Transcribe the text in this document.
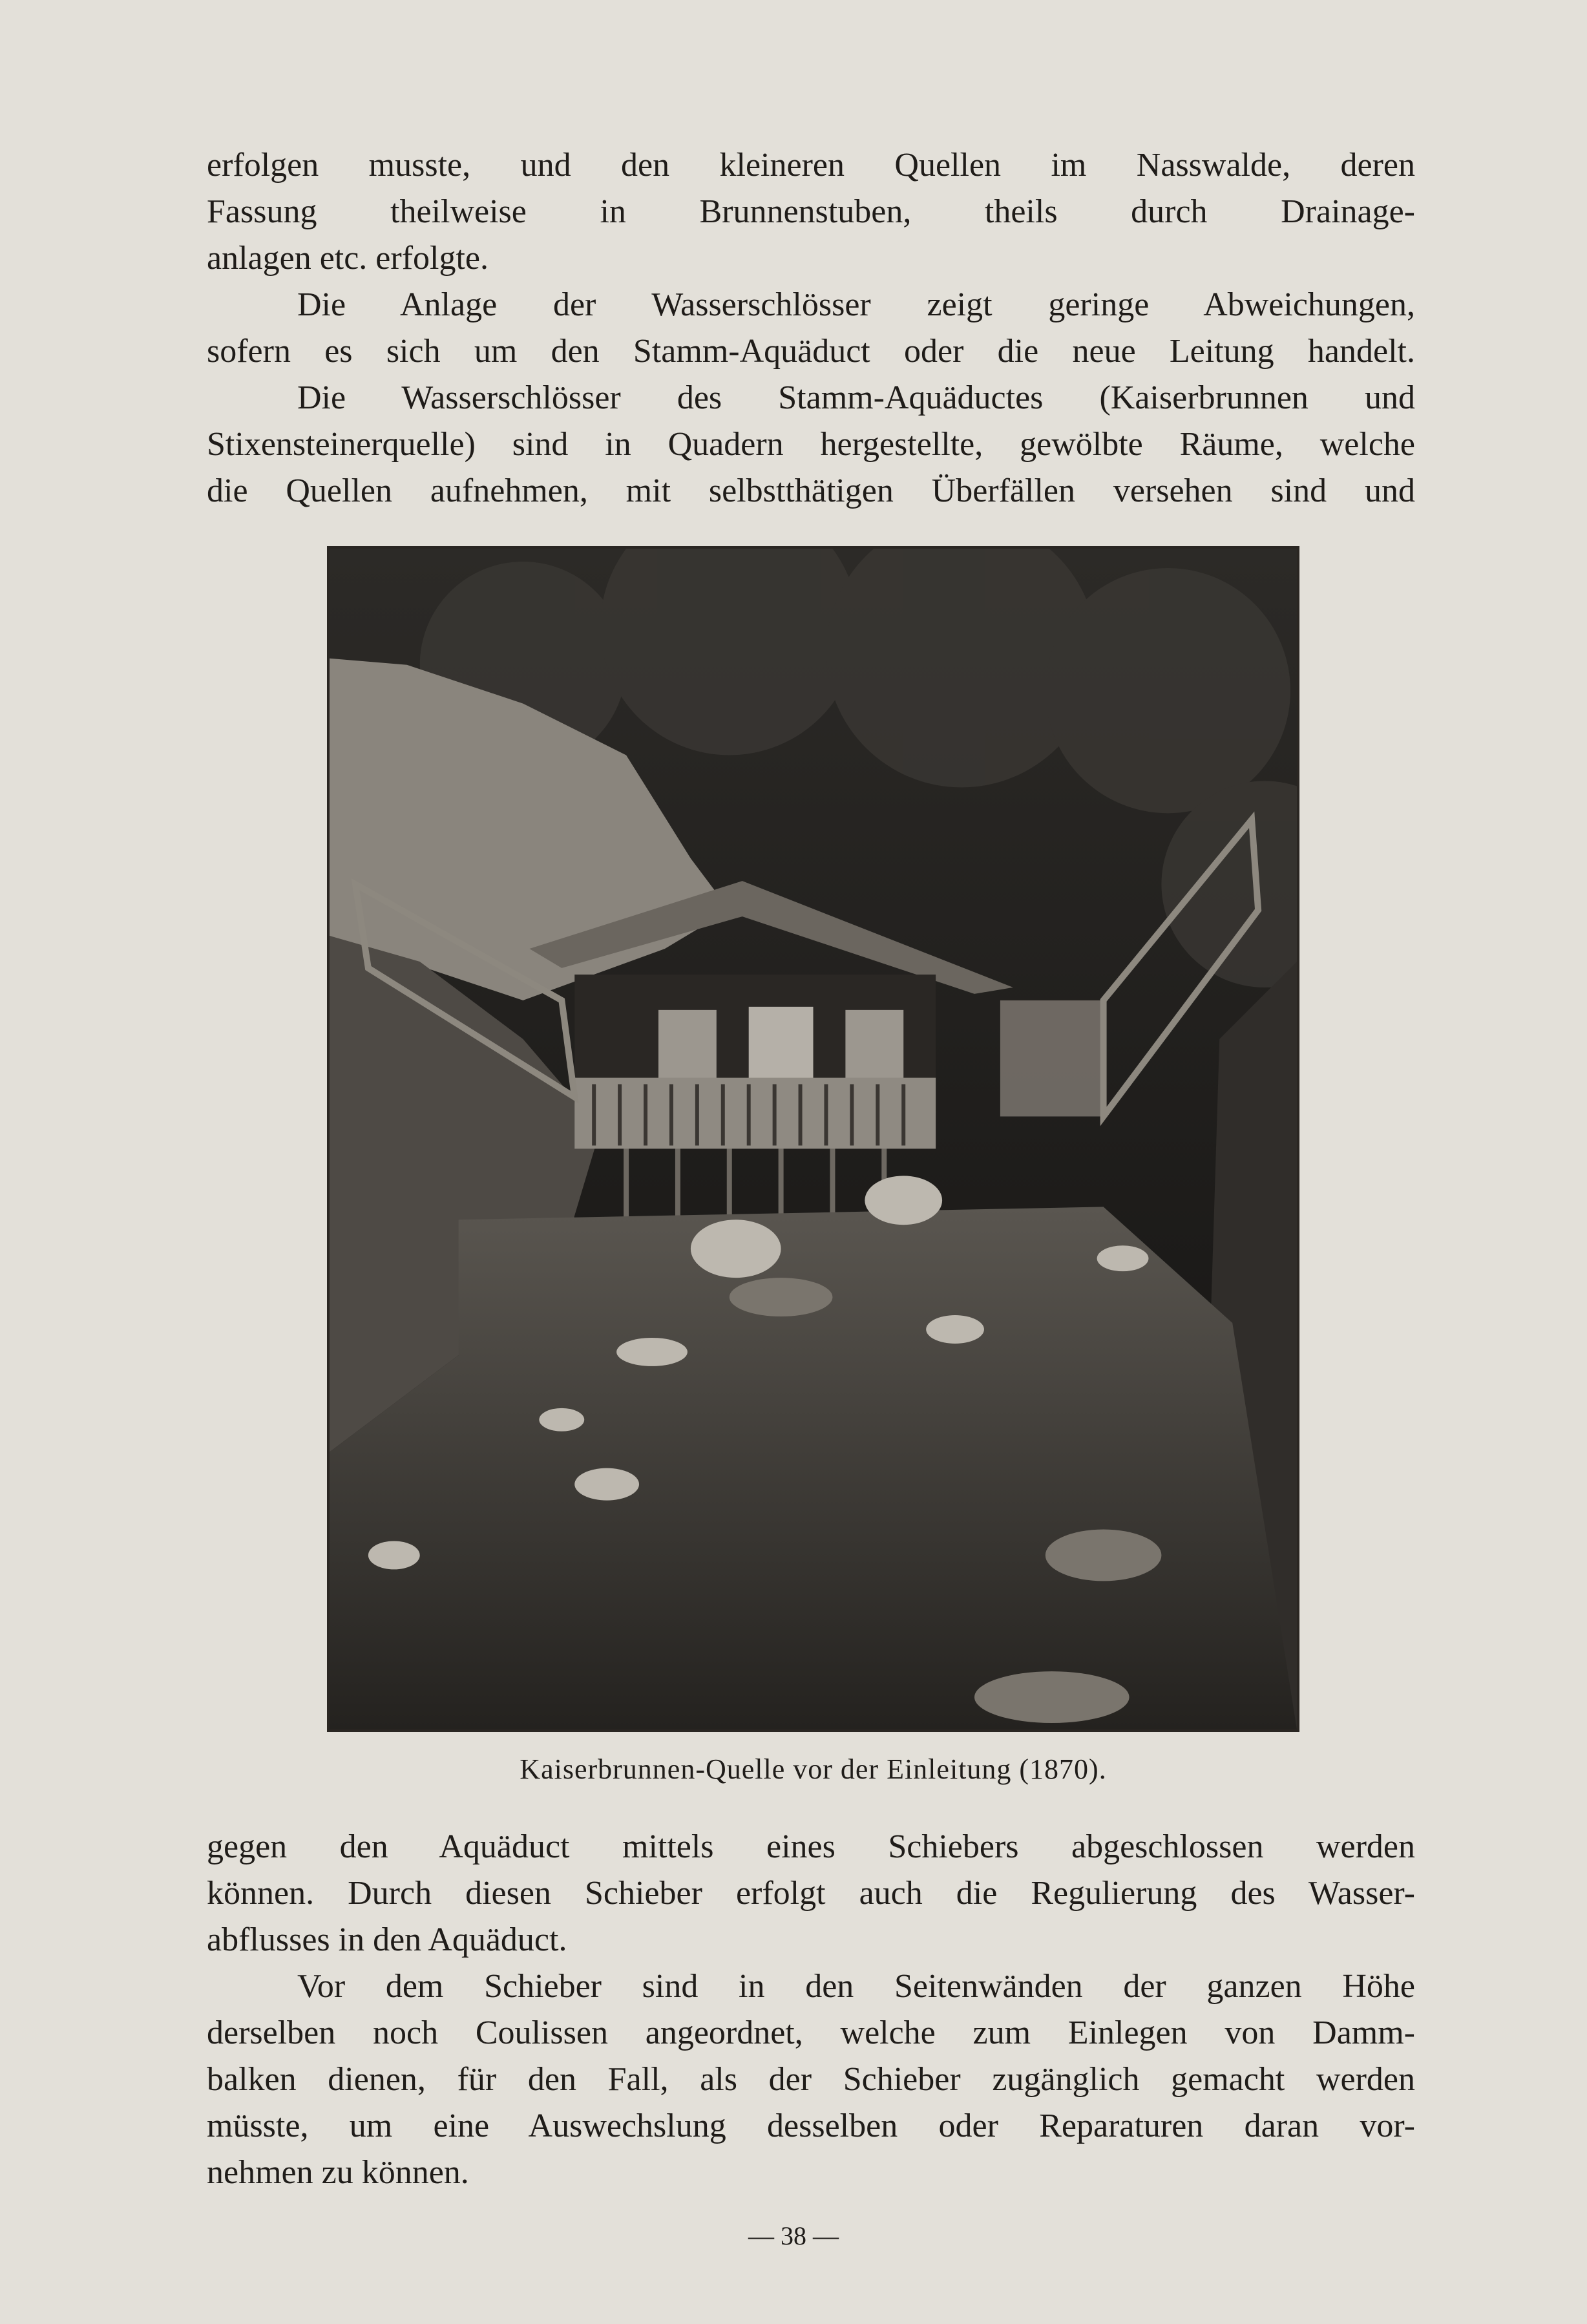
erfolgen musste, und den kleineren Quellen im Nasswalde, deren
Fassung theilweise in Brunnenstuben, theils durch Drainage-
anlagen etc. erfolgte.
Die Anlage der Wasserschlösser zeigt geringe Abweichungen,
sofern es sich um den Stamm-Aquäduct oder die neue Leitung handelt.
Die Wasserschlösser des Stamm-Aquäductes (Kaiserbrunnen und
Stixensteinerquelle) sind in Quadern hergestellte, gewölbte Räume, welche
die Quellen aufnehmen, mit selbstthätigen Überfällen versehen sind und
Kaiserbrunnen-Quelle vor der Einleitung (1870).
gegen den Aquäduct mittels eines Schiebers abgeschlossen werden
können. Durch diesen Schieber erfolgt auch die Regulierung des Wasser-
abflusses in den Aquäduct.
Vor dem Schieber sind in den Seitenwänden der ganzen Höhe
derselben noch Coulissen angeordnet, welche zum Einlegen von Damm-
balken dienen, für den Fall, als der Schieber zugänglich gemacht werden
müsste, um eine Auswechslung desselben oder Reparaturen daran vor-
nehmen zu können.
— 38 —
